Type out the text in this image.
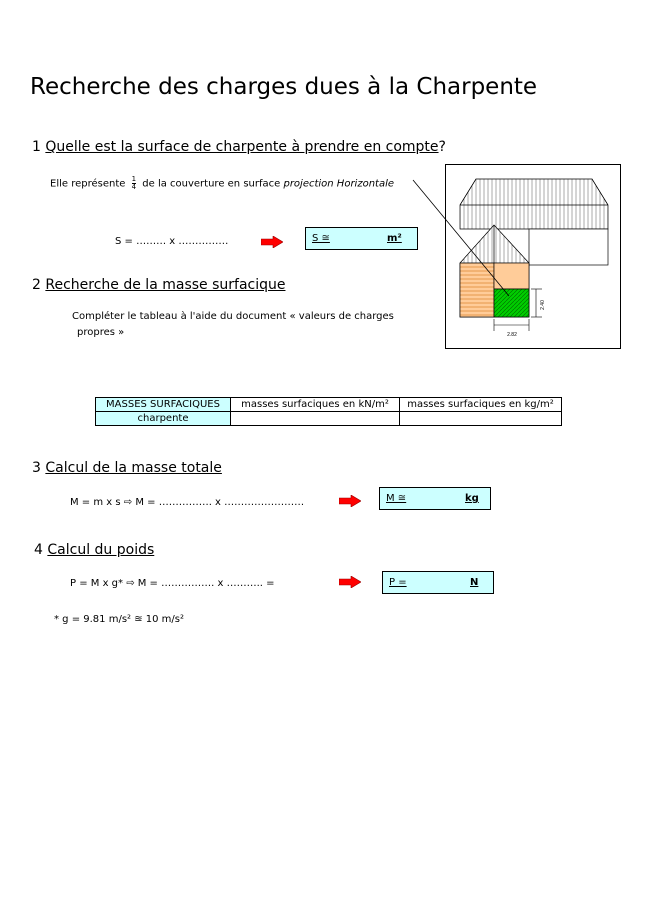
Recherche des charges dues à la Charpente
1 Quelle est la surface de charpente à prendre en compte?
Elle représente $\frac{1}{4}$ de la couverture en surface projection Horizontale
S = ……… x ……………	S ≅	m²
2.82
2.40
2 Recherche de la masse surfacique
Compléter le tableau à l'aide du document « valeurs de charges
propres »
MASSES SURFACIQUES	masses surfaciques en kN/m²	masses surfaciques en kg/m²
charpente		
3 Calcul de la masse totale
M = m x s ⇨ M = ……………. x ……………………	M ≅	kg
4 Calcul du poids
P = M x g* ⇨ M = ……………. x ……….. =	P =	N
* g = 9.81 m/s² ≊ 10 m/s²
